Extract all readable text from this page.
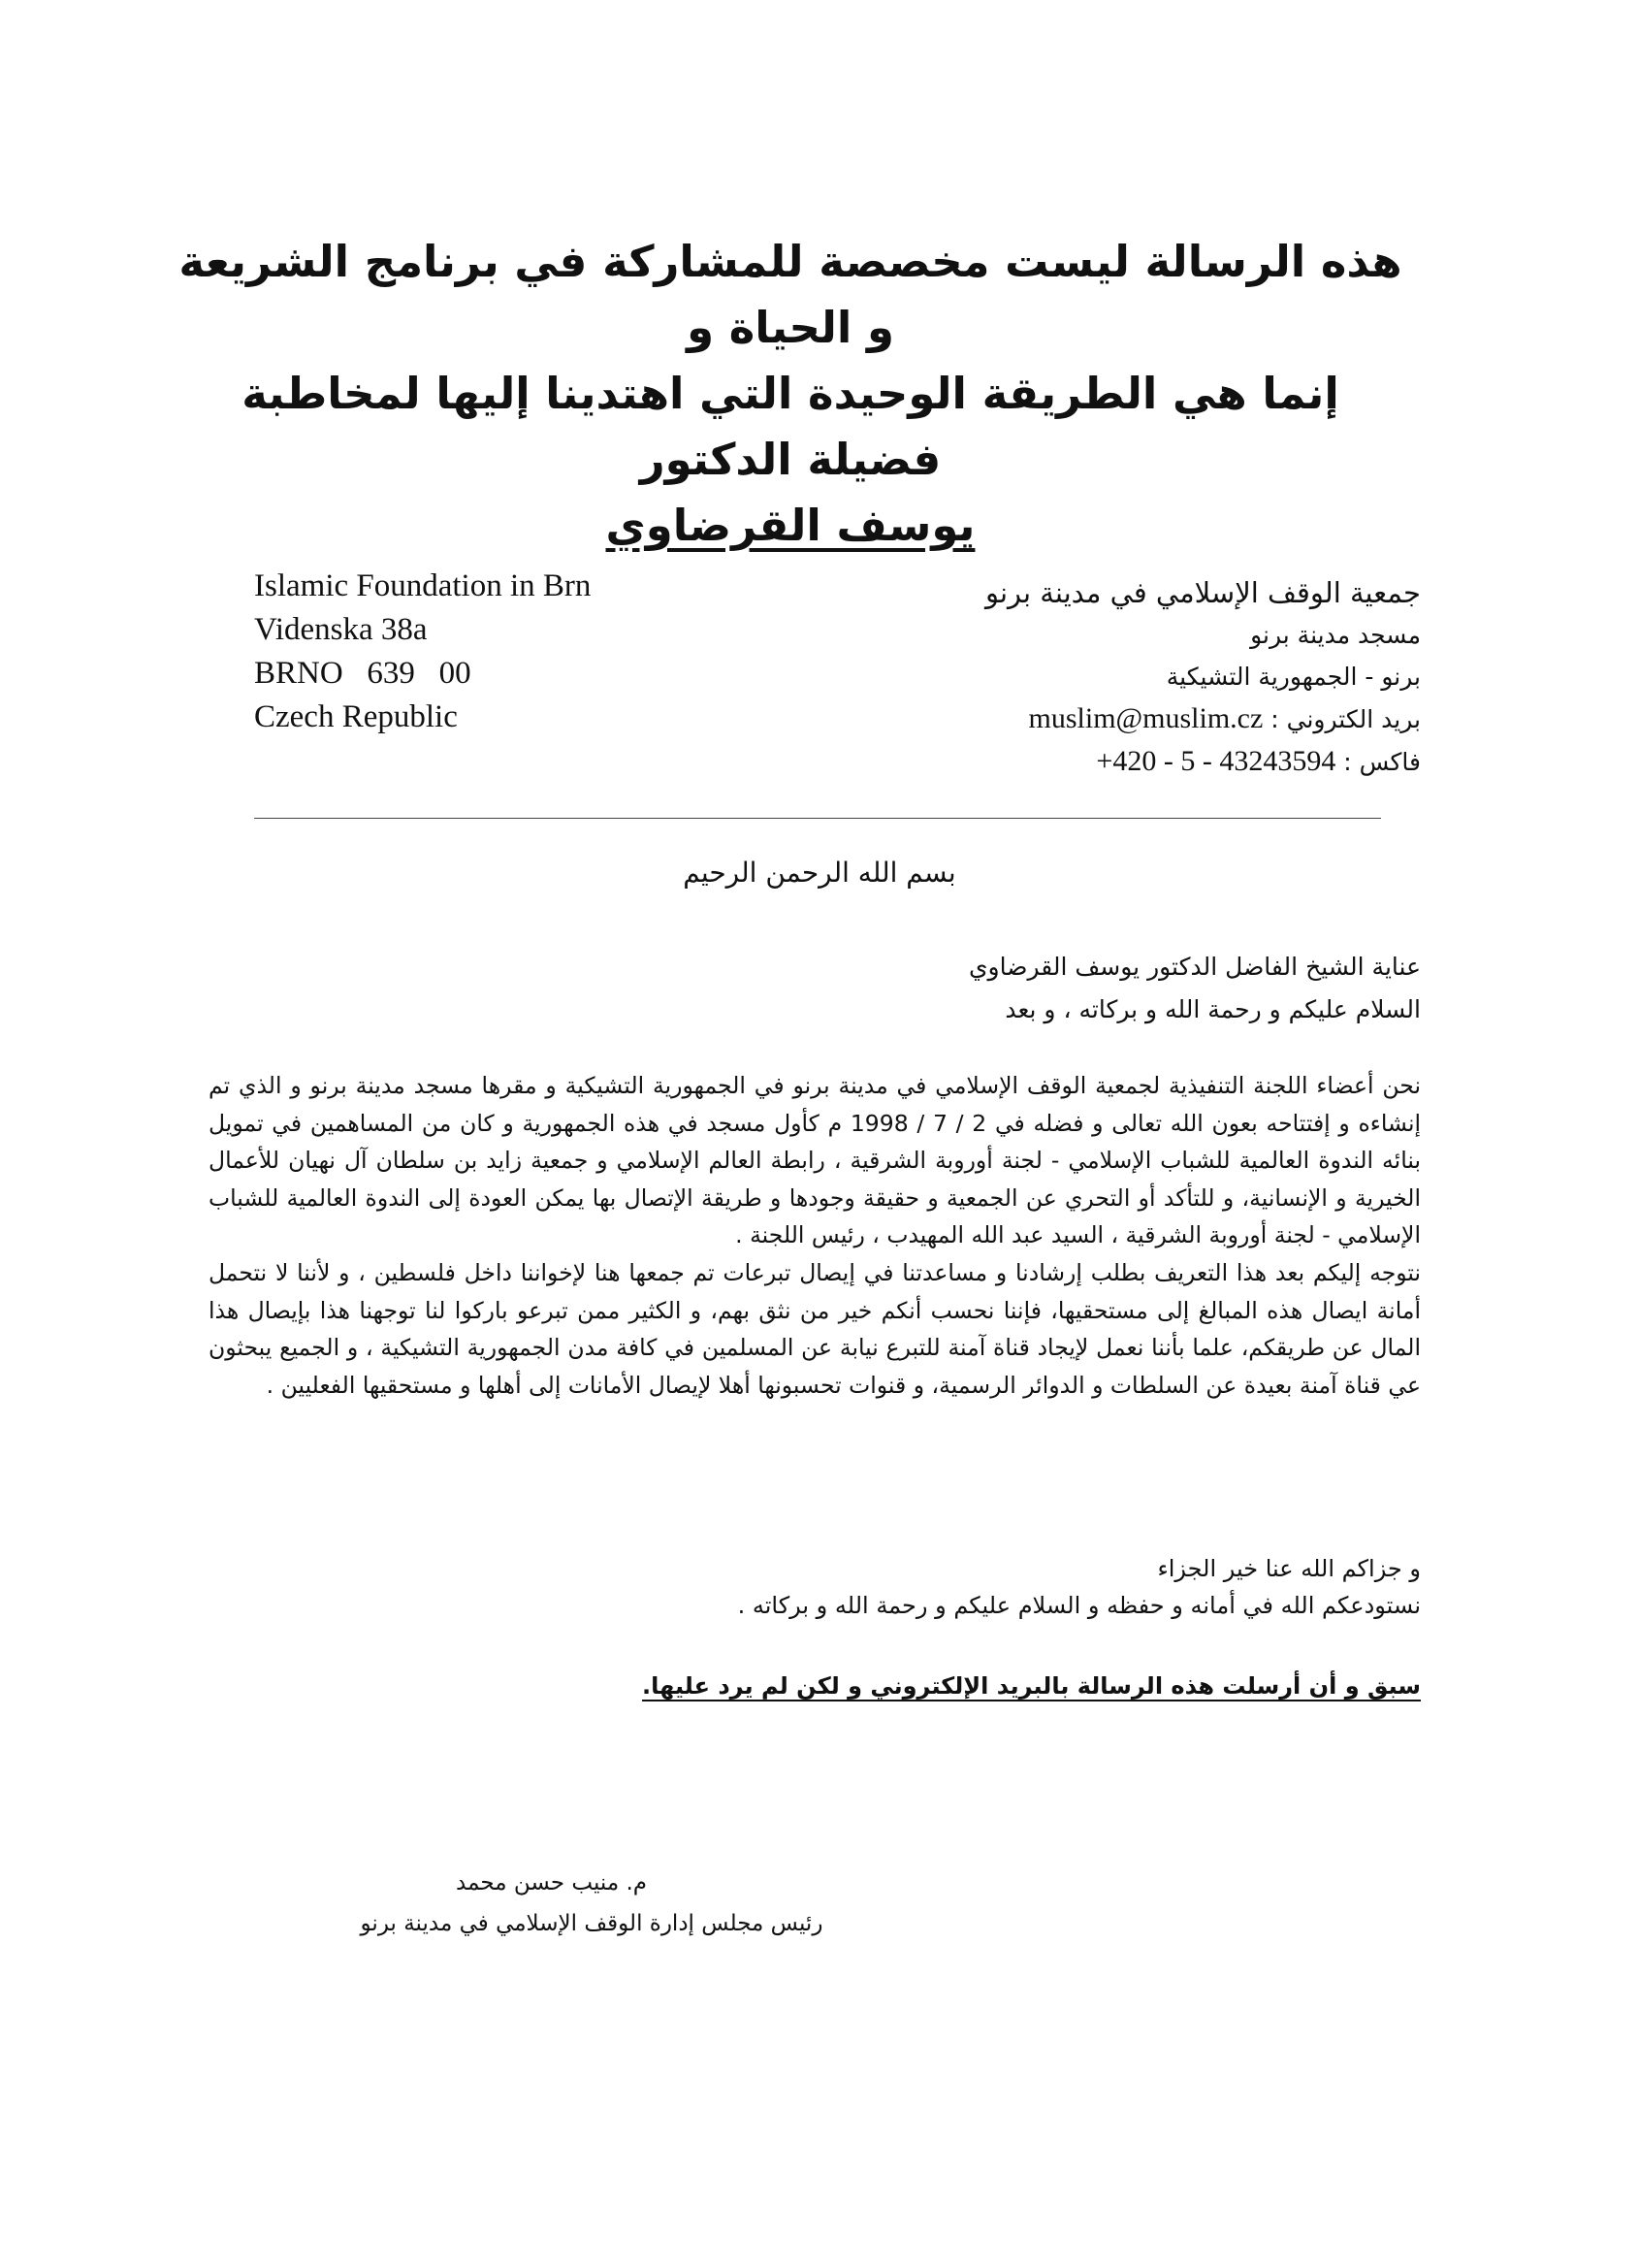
هذه الرسالة ليست مخصصة للمشاركة في برنامج الشريعة و الحياة و
إنما هي الطريقة الوحيدة التي اهتدينا إليها لمخاطبة فضيلة الدكتور
يوسف القرضاوي
Islamic Foundation in Brn
Videnska 38a
BRNO   639   00
Czech Republic
جمعية الوقف الإسلامي في مدينة برنو
مسجد مدينة برنو
برنو - الجمهورية التشيكية
بريد الكتروني : muslim@muslim.cz
فاكس : +420 - 5 - 43243594
بسم الله الرحمن الرحيم
عناية الشيخ الفاضل الدكتور يوسف القرضاوي
السلام عليكم و رحمة الله و بركاته ، و بعد

نحن أعضاء اللجنة التنفيذية لجمعية الوقف الإسلامي في مدينة برنو في الجمهورية التشيكية و مقرها مسجد مدينة برنو و الذي تم إنشاءه و إفتتاحه بعون الله تعالى و فضله في 2 / 7 / 1998 م كأول مسجد في هذه الجمهورية و كان من المساهمين في تمويل بنائه الندوة العالمية للشباب الإسلامي - لجنة أوروبة الشرقية ، رابطة العالم الإسلامي و جمعية زايد بن سلطان آل نهيان للأعمال الخيرية و الإنسانية، و للتأكد أو التحري عن الجمعية و حقيقة وجودها و طريقة الإتصال بها يمكن العودة إلى الندوة العالمية للشباب الإسلامي - لجنة أوروبة الشرقية ، السيد عبد الله المهيدب ، رئيس اللجنة .

نتوجه إليكم بعد هذا التعريف بطلب إرشادنا و مساعدتنا في إيصال تبرعات تم جمعها هنا لإخواننا داخل فلسطين ، و لأننا لا نتحمل أمانة ايصال هذه المبالغ إلى مستحقيها، فإننا نحسب أنكم خير من نثق بهم، و الكثير ممن تبرعو باركوا لنا توجهنا هذا بإيصال هذا المال عن طريقكم، علما بأننا نعمل لإيجاد قناة آمنة للتبرع نيابة عن المسلمين في كافة مدن الجمهورية التشيكية ، و الجميع يبحثون عي قناة آمنة بعيدة عن السلطات و الدوائر الرسمية، و قنوات تحسبونها أهلا لإيصال الأمانات إلى أهلها و مستحقيها الفعليين .

و جزاكم الله عنا خير الجزاء
نستودعكم الله في أمانه و حفظه و السلام عليكم و رحمة الله و بركاته .
سبق و أن أرسلت هذه الرسالة بالبريد الإلكتروني و لكن لم يرد عليها.
م. منيب حسن محمد
رئيس مجلس إدارة الوقف الإسلامي في مدينة برنو
